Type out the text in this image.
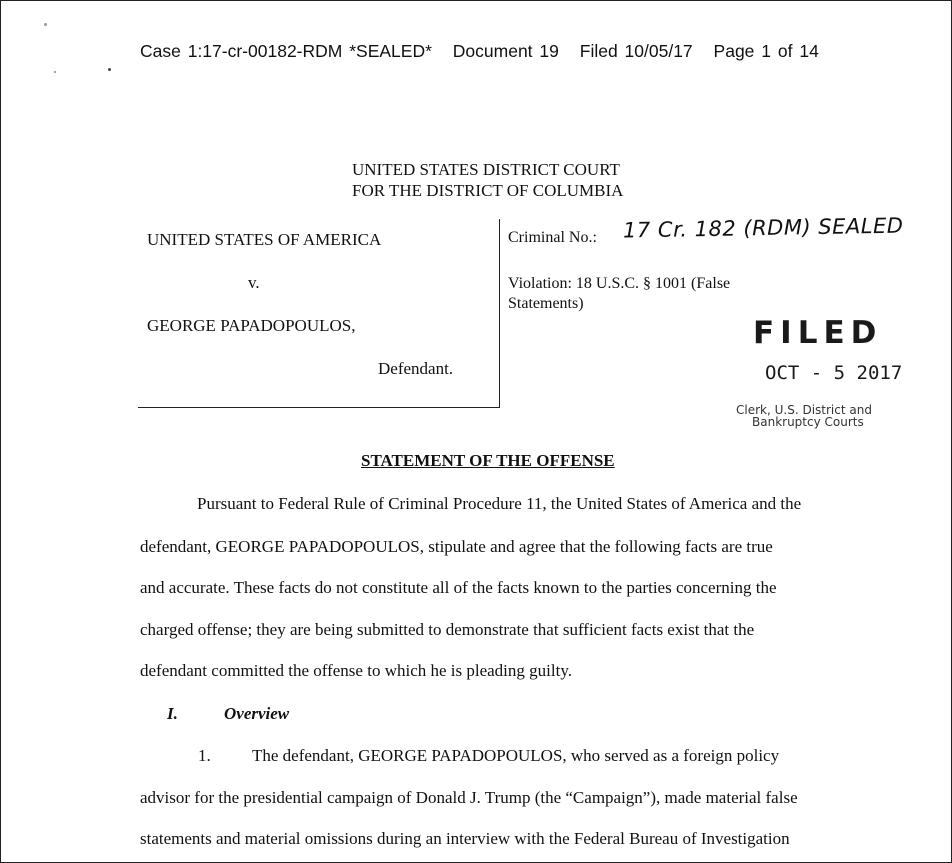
Case 1:17-cr-00182-RDM *SEALED* Document 19 Filed 10/05/17 Page 1 of 14
UNITED STATES DISTRICT COURT
FOR THE DISTRICT OF COLUMBIA
UNITED STATES OF AMERICA
v.
GEORGE PAPADOPOULOS,
Defendant.
Criminal No.: 17 Cr. 182 (RDM) SEALED
Violation: 18 U.S.C. § 1001 (False
Statements)
FILED
OCT - 5 2017
Clerk, U.S. District and
Bankruptcy Courts
STATEMENT OF THE OFFENSE
Pursuant to Federal Rule of Criminal Procedure 11, the United States of America and the
defendant, GEORGE PAPADOPOULOS, stipulate and agree that the following facts are true
and accurate. These facts do not constitute all of the facts known to the parties concerning the
charged offense; they are being submitted to demonstrate that sufficient facts exist that the
defendant committed the offense to which he is pleading guilty.
I.	Overview
1. The defendant, GEORGE PAPADOPOULOS, who served as a foreign policy
advisor for the presidential campaign of Donald J. Trump (the “Campaign”), made material false
statements and material omissions during an interview with the Federal Bureau of Investigation
